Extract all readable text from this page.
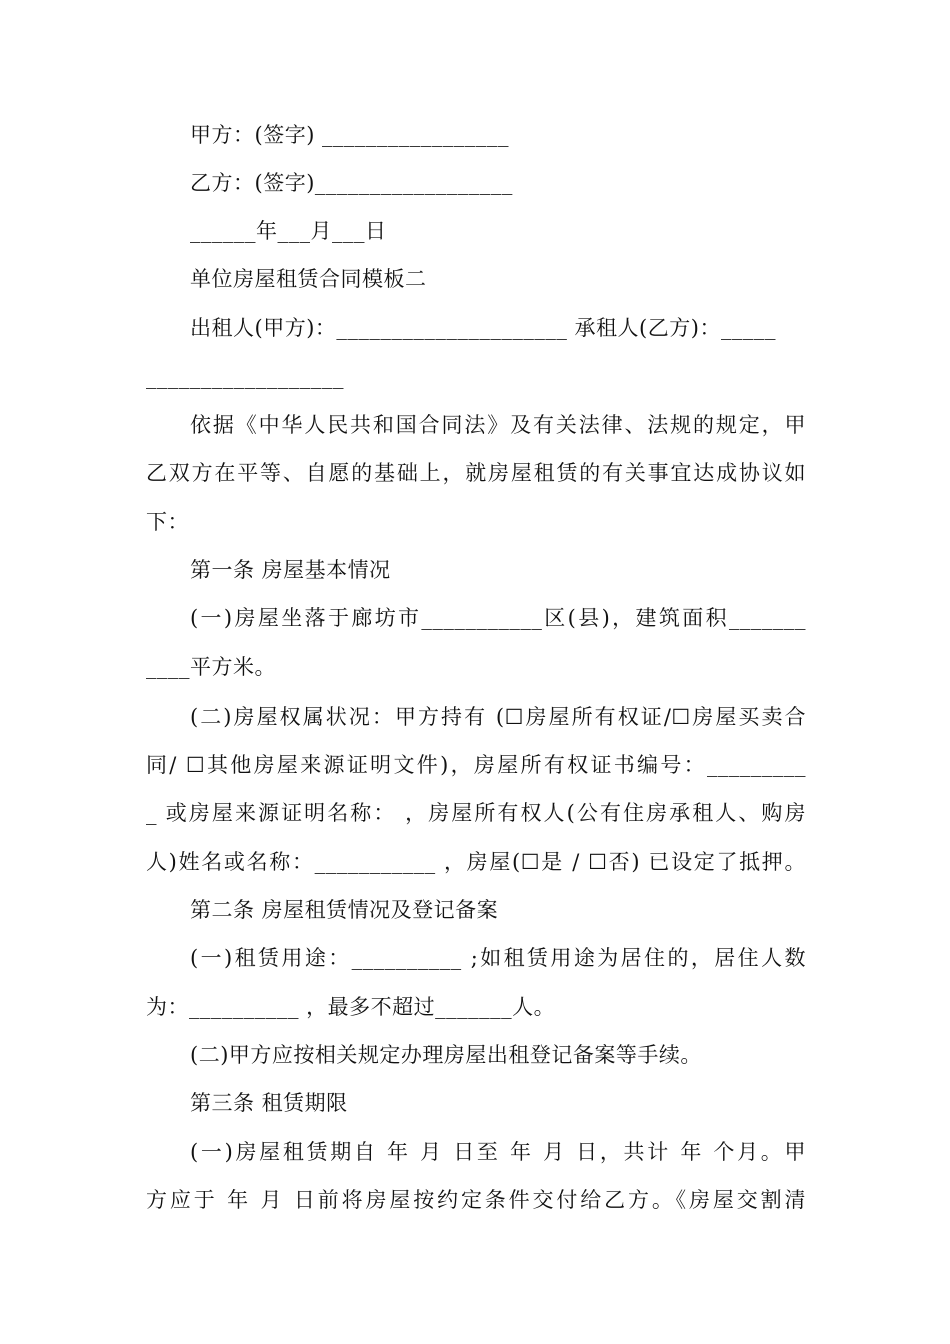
甲方：(签字) _________________
乙方：(签字)__________________
______年___月___日
单位房屋租赁合同模板二
出租人(甲方)：_____________________ 承租人(乙方)：_____
__________________
依据《中华人民共和国合同法》及有关法律、法规的规定，甲
乙双方在平等、自愿的基础上，就房屋租赁的有关事宜达成协议如
下：
第一条 房屋基本情况
(一)房屋坐落于廊坊市___________区(县)，建筑面积_______
____平方米。
(二)房屋权属状况：甲方持有 (☐房屋所有权证/☐房屋买卖合
同/ ☐其他房屋来源证明文件)，房屋所有权证书编号：_________
_ 或房屋来源证明名称： ，房屋所有权人(公有住房承租人、购房
人)姓名或名称：___________ ，房屋(☐是 / ☐否) 已设定了抵押。
第二条 房屋租赁情况及登记备案
(一)租赁用途：__________ ;如租赁用途为居住的，居住人数
为：__________ ，最多不超过_______人。
(二)甲方应按相关规定办理房屋出租登记备案等手续。
第三条 租赁期限
(一)房屋租赁期自 年 月 日至 年 月 日，共计 年 个月。甲
方应于 年 月 日前将房屋按约定条件交付给乙方。《房屋交割清
